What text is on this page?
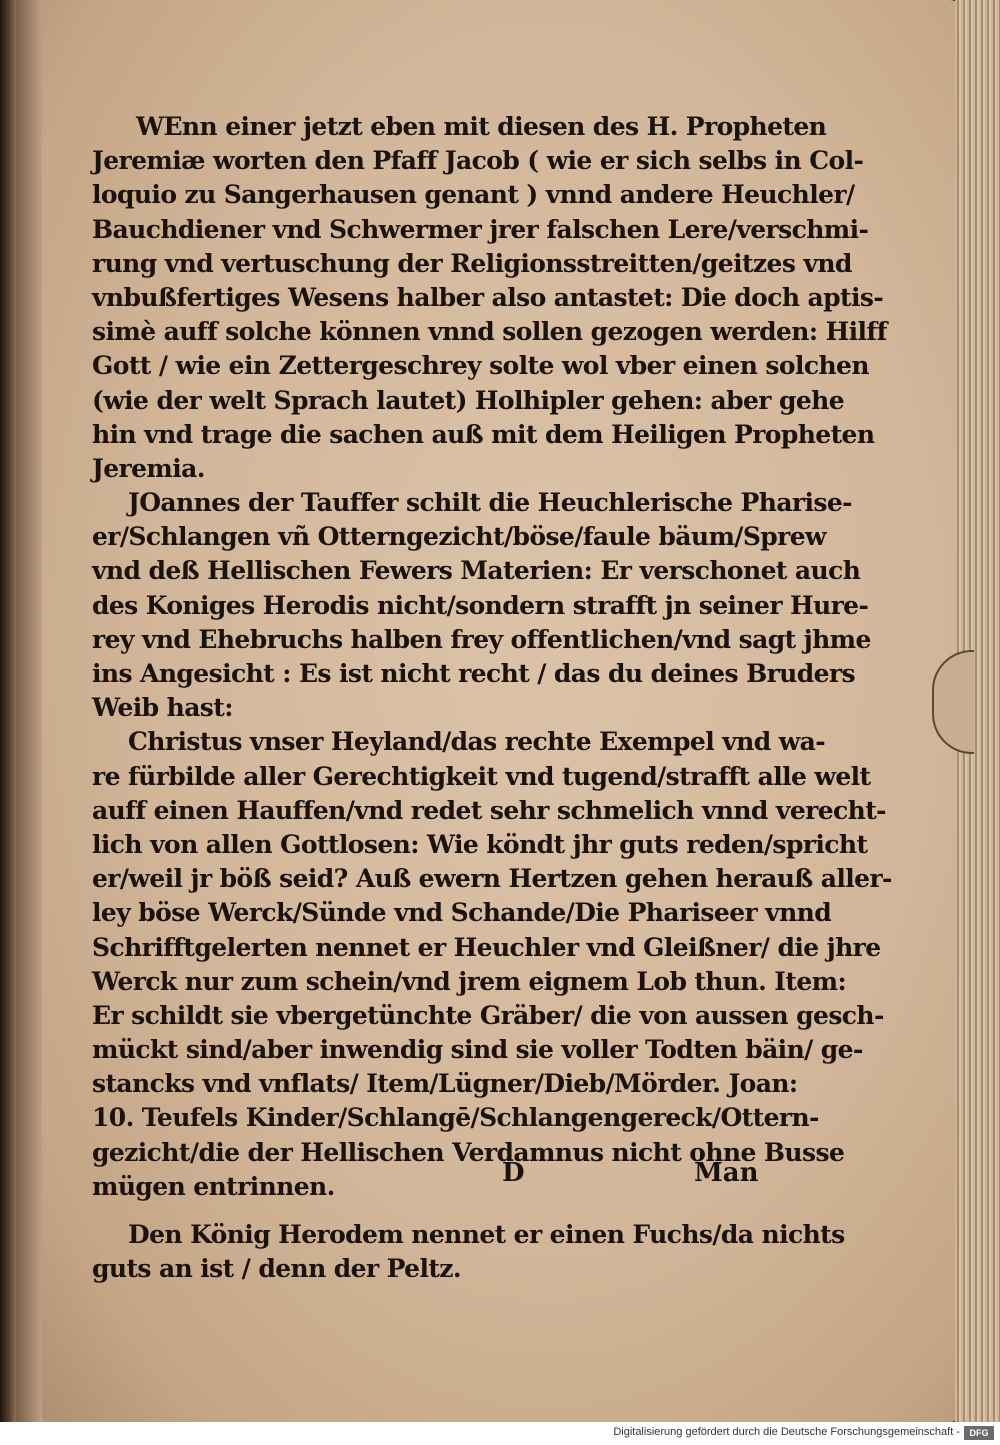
WEnn einer jetzt eben mit diesen des H. Propheten
Jeremiæ worten den Pfaff Jacob ( wie er sich selbs in Col-
loquio zu Sangerhausen genant ) vnnd andere Heuchler/
Bauchdiener vnd Schwermer jrer falschen Lere/verschmi-
rung vnd vertuschung der Religionsstreitten/geitzes vnd
vnbußfertiges Wesens halber also antastet: Die doch aptis-
simè auff solche können vnnd sollen gezogen werden: Hilff
Gott / wie ein Zettergeschrey solte wol vber einen solchen
(wie der welt Sprach lautet) Holhipler gehen: aber gehe
hin vnd trage die sachen auß mit dem Heiligen Propheten
Jeremia.
JOannes der Tauffer schilt die Heuchlerische Pharise-
er/Schlangen vñ Otterngezicht/böse/faule bäum/Sprew
vnd deß Hellischen Fewers Materien: Er verschonet auch
des Koniges Herodis nicht/sondern strafft jn seiner Hure-
rey vnd Ehebruchs halben frey offentlichen/vnd sagt jhme
ins Angesicht : Es ist nicht recht / das du deines Bruders
Weib hast:
Christus vnser Heyland/das rechte Exempel vnd wa-
re fürbilde aller Gerechtigkeit vnd tugend/strafft alle welt
auff einen Hauffen/vnd redet sehr schmelich vnnd verecht-
lich von allen Gottlosen: Wie köndt jhr guts reden/spricht
er/weil jr böß seid? Auß ewern Hertzen gehen herauß aller-
ley böse Werck/Sünde vnd Schande/Die Phariseer vnnd
Schrifftgelerten nennet er Heuchler vnd Gleißner/ die jhre
Werck nur zum schein/vnd jrem eignem Lob thun. Item:
Er schildt sie vbergetünchte Gräber/ die von aussen gesch-
mückt sind/aber inwendig sind sie voller Todten bäin/ ge-
stancks vnd vnflats/ Item/Lügner/Dieb/Mörder. Joan:
10. Teufels Kinder/Schlangē/Schlangengereck/Ottern-
gezicht/die der Hellischen Verdamnus nicht ohne Busse
mügen entrinnen.
Den König Herodem nennet er einen Fuchs/da nichts
guts an ist / denn der Peltz.
D	Man
Digitalisierung gefördert durch die Deutsche Forschungsgemeinschaft -	DFG
